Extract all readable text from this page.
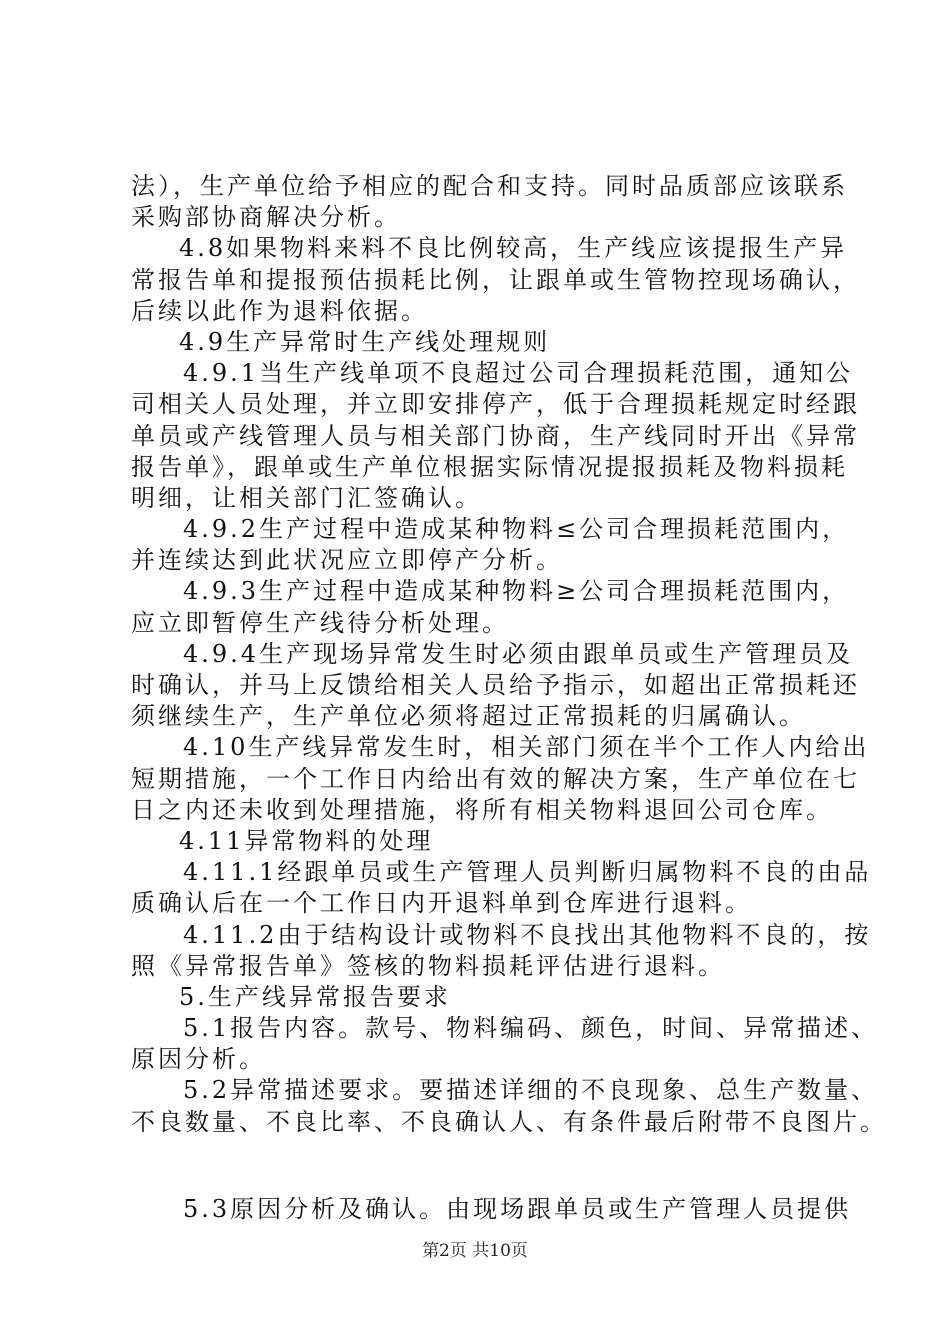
法），生产单位给予相应的配合和支持。同时品质部应该联系
采购部协商解决分析。
4.8如果物料来料不良比例较高，生产线应该提报生产异
常报告单和提报预估损耗比例，让跟单或生管物控现场确认，
后续以此作为退料依据。
4.9生产异常时生产线处理规则
4.9.1当生产线单项不良超过公司合理损耗范围，通知公
司相关人员处理，并立即安排停产，低于合理损耗规定时经跟
单员或产线管理人员与相关部门协商，生产线同时开出《异常
报告单》，跟单或生产单位根据实际情况提报损耗及物料损耗
明细，让相关部门汇签确认。
4.9.2生产过程中造成某种物料≤公司合理损耗范围内，
并连续达到此状况应立即停产分析。
4.9.3生产过程中造成某种物料≥公司合理损耗范围内，
应立即暂停生产线待分析处理。
4.9.4生产现场异常发生时必须由跟单员或生产管理员及
时确认，并马上反馈给相关人员给予指示，如超出正常损耗还
须继续生产，生产单位必须将超过正常损耗的归属确认。
4.10生产线异常发生时，相关部门须在半个工作人内给出
短期措施，一个工作日内给出有效的解决方案，生产单位在七
日之内还未收到处理措施，将所有相关物料退回公司仓库。
4.11异常物料的处理
4.11.1经跟单员或生产管理人员判断归属物料不良的由品
质确认后在一个工作日内开退料单到仓库进行退料。
4.11.2由于结构设计或物料不良找出其他物料不良的，按
照《异常报告单》签核的物料损耗评估进行退料。
5.生产线异常报告要求
5.1报告内容。款号、物料编码、颜色，时间、异常描述、
原因分析。
5.2异常描述要求。要描述详细的不良现象、总生产数量、
不良数量、不良比率、不良确认人、有条件最后附带不良图片。
5.3原因分析及确认。由现场跟单员或生产管理人员提供
第2页 共10页
